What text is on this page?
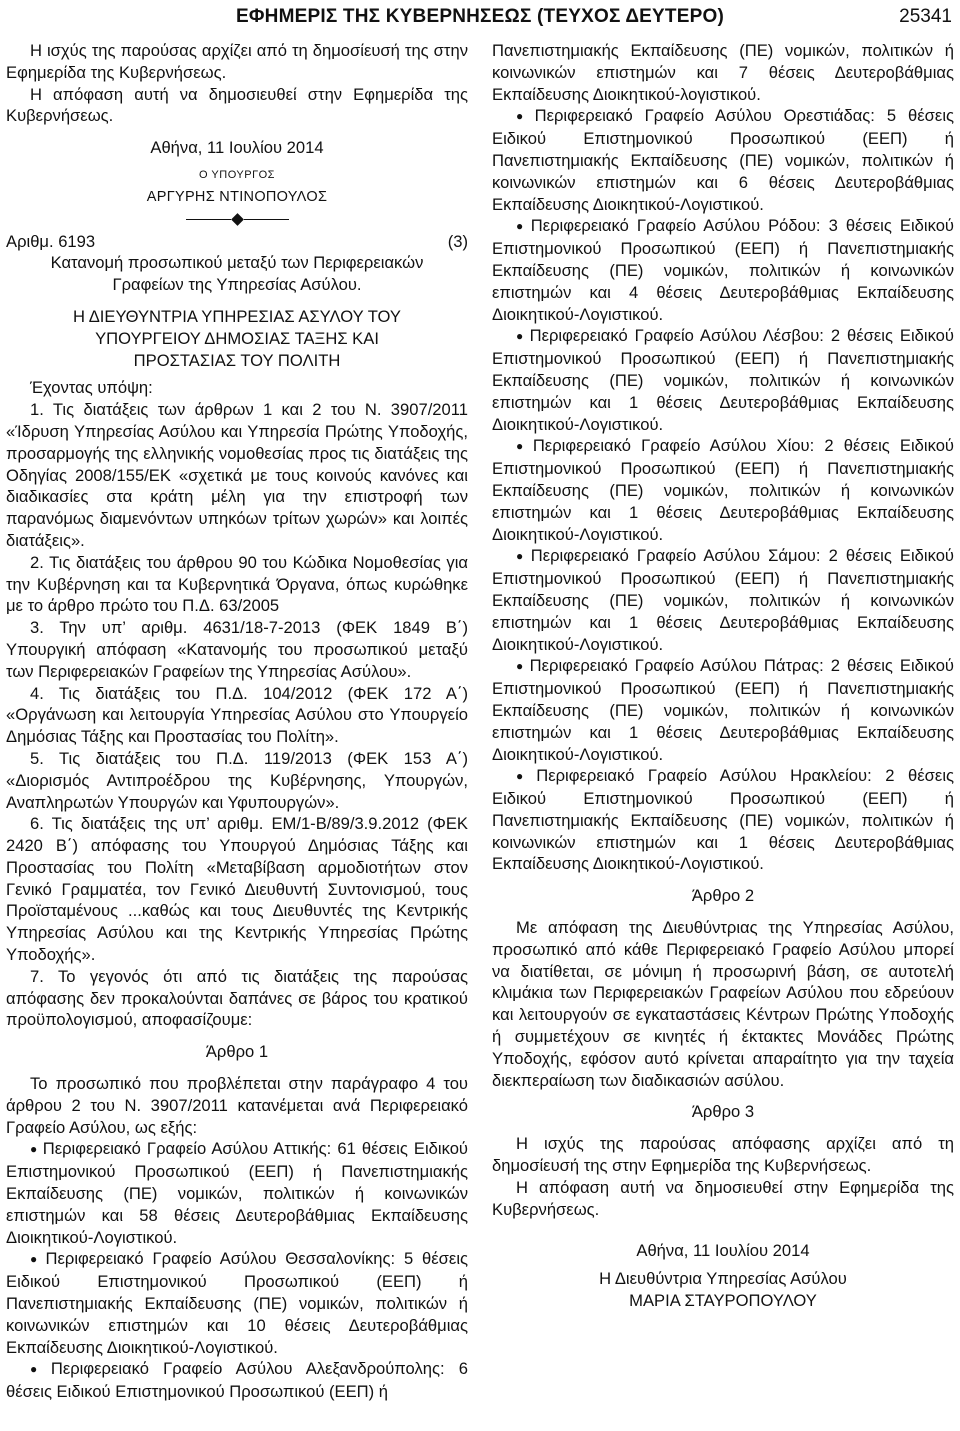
ΕΦΗΜΕΡΙΣ ΤΗΣ ΚΥΒΕΡΝΗΣΕΩΣ (ΤΕΥΧΟΣ ΔΕΥΤΕΡΟ)	25341

Η ισχύς της παρούσας αρχίζει από τη δημοσίευσή της στην Εφημερίδα της Κυβερνήσεως.

Η απόφαση αυτή να δημοσιευθεί στην Εφημερίδα της Κυβερνήσεως.

Αθήνα, 11 Ιουλίου 2014

Ο ΥΠΟΥΡΓΟΣ

ΑΡΓΥΡΗΣ ΝΤΙΝΟΠΟΥΛΟΣ

Αριθμ. 6193	(3)

Κατανομή προσωπικού μεταξύ των Περιφερειακών Γραφείων της Υπηρεσίας Ασύλου.

Η ΔΙΕΥΘΥΝΤΡΙΑ ΥΠΗΡΕΣΙΑΣ ΑΣΥΛΟΥ ΤΟΥ

ΥΠΟΥΡΓΕΙΟΥ ΔΗΜΟΣΙΑΣ ΤΑΞΗΣ ΚΑΙ

ΠΡΟΣΤΑΣΙΑΣ ΤΟΥ ΠΟΛΙΤΗ

Έχοντας υπόψη:

1. Τις διατάξεις των άρθρων 1 και 2 του Ν. 3907/2011 «Ίδρυση Υπηρεσίας Ασύλου και Υπηρεσία Πρώτης Υποδοχής, προσαρμογής της ελληνικής νομοθεσίας προς τις διατάξεις της Οδηγίας 2008/155/ΕΚ «σχετικά με τους κοινούς κανόνες και διαδικασίες στα κράτη μέλη για την επιστροφή των παρανόμως διαμενόντων υπηκόων τρίτων χωρών» και λοιπές διατάξεις».

2. Τις διατάξεις του άρθρου 90 του Κώδικα Νομοθεσίας για την Κυβέρνηση και τα Κυβερνητικά Όργανα, όπως κυρώθηκε με το άρθρο πρώτο του Π.Δ. 63/2005

3. Την υπ’ αριθμ. 4631/18-7-2013 (ΦΕΚ 1849 Β΄) Υπουργική απόφαση «Κατανομής του προσωπικού μεταξύ των Περιφερειακών Γραφείων της Υπηρεσίας Ασύλου».

4. Τις διατάξεις του Π.Δ. 104/2012 (ΦΕΚ 172 Α΄) «Οργάνωση και λειτουργία Υπηρεσίας Ασύλου στο Υπουργείο Δημόσιας Τάξης και Προστασίας του Πολίτη».

5. Τις διατάξεις του Π.Δ. 119/2013 (ΦΕΚ 153 Α΄) «Διορισμός Αντιπροέδρου της Κυβέρνησης, Υπουργών, Αναπληρωτών Υπουργών και Υφυπουργών».

6. Τις διατάξεις της υπ’ αριθμ. ΕΜ/1-Β/89/3.9.2012 (ΦΕΚ 2420 Β΄) απόφασης του Υπουργού Δημόσιας Τάξης και Προστασίας του Πολίτη «Μεταβίβαση αρμοδιοτήτων στον Γενικό Γραμματέα, τον Γενικό Διευθυντή Συντονισμού, τους Προϊσταμένους ...καθώς και τους Διευθυντές της Κεντρικής Υπηρεσίας Ασύλου και της Κεντρικής Υπηρεσίας Πρώτης Υποδοχής».

7. Το γεγονός ότι από τις διατάξεις της παρούσας απόφασης δεν προκαλούνται δαπάνες σε βάρος του κρατικού προϋπολογισμού, αποφασίζουμε:

Άρθρο 1

Το προσωπικό που προβλέπεται στην παράγραφο 4 του άρθρου 2 του Ν. 3907/2011 κατανέμεται ανά Περιφερειακό Γραφείο Ασύλου, ως εξής:

● Περιφερειακό Γραφείο Ασύλου Αττικής: 61 θέσεις Ειδικού Επιστημονικού Προσωπικού (ΕΕΠ) ή Πανεπιστημιακής Εκπαίδευσης (ΠΕ) νομικών, πολιτικών ή κοινωνικών επιστημών και 58 θέσεις Δευτεροβάθμιας Εκπαίδευσης Διοικητικού-Λογιστικού.

● Περιφερειακό Γραφείο Ασύλου Θεσσαλονίκης: 5 θέσεις Ειδικού Επιστημονικού Προσωπικού (ΕΕΠ) ή Πανεπιστημιακής Εκπαίδευσης (ΠΕ) νομικών, πολιτικών ή κοινωνικών επιστημών και 10 θέσεις Δευτεροβάθμιας Εκπαίδευσης Διοικητικού-Λογιστικού.

● Περιφερειακό Γραφείο Ασύλου Αλεξανδρούπολης: 6 θέσεις Ειδικού Επιστημονικού Προσωπικού (ΕΕΠ) ή

Πανεπιστημιακής Εκπαίδευσης (ΠΕ) νομικών, πολιτικών ή κοινωνικών επιστημών και 7 θέσεις Δευτεροβάθμιας Εκπαίδευσης Διοικητικού-λογιστικού.

● Περιφερειακό Γραφείο Ασύλου Ορεστιάδας: 5 θέσεις Ειδικού Επιστημονικού Προσωπικού (ΕΕΠ) ή Πανεπιστημιακής Εκπαίδευσης (ΠΕ) νομικών, πολιτικών ή κοινωνικών επιστημών και 6 θέσεις Δευτεροβάθμιας Εκπαίδευσης Διοικητικού-Λογιστικού.

● Περιφερειακό Γραφείο Ασύλου Ρόδου: 3 θέσεις Ειδικού Επιστημονικού Προσωπικού (ΕΕΠ) ή Πανεπιστημιακής Εκπαίδευσης (ΠΕ) νομικών, πολιτικών ή κοινωνικών επιστημών και 4 θέσεις Δευτεροβάθμιας Εκπαίδευσης Διοικητικού-Λογιστικού.

● Περιφερειακό Γραφείο Ασύλου Λέσβου: 2 θέσεις Ειδικού Επιστημονικού Προσωπικού (ΕΕΠ) ή Πανεπιστημιακής Εκπαίδευσης (ΠΕ) νομικών, πολιτικών ή κοινωνικών επιστημών και 1 θέσεις Δευτεροβάθμιας Εκπαίδευσης Διοικητικού-Λογιστικού.

● Περιφερειακό Γραφείο Ασύλου Χίου: 2 θέσεις Ειδικού Επιστημονικού Προσωπικού (ΕΕΠ) ή Πανεπιστημιακής Εκπαίδευσης (ΠΕ) νομικών, πολιτικών ή κοινωνικών επιστημών και 1 θέσεις Δευτεροβάθμιας Εκπαίδευσης Διοικητικού-Λογιστικού.

● Περιφερειακό Γραφείο Ασύλου Σάμου: 2 θέσεις Ειδικού Επιστημονικού Προσωπικού (ΕΕΠ) ή Πανεπιστημιακής Εκπαίδευσης (ΠΕ) νομικών, πολιτικών ή κοινωνικών επιστημών και 1 θέσεις Δευτεροβάθμιας Εκπαίδευσης Διοικητικού-Λογιστικού.

● Περιφερειακό Γραφείο Ασύλου Πάτρας: 2 θέσεις Ειδικού Επιστημονικού Προσωπικού (ΕΕΠ) ή Πανεπιστημιακής Εκπαίδευσης (ΠΕ) νομικών, πολιτικών ή κοινωνικών επιστημών και 1 θέσεις Δευτεροβάθμιας Εκπαίδευσης Διοικητικού-Λογιστικού.

● Περιφερειακό Γραφείο Ασύλου Ηρακλείου: 2 θέσεις Ειδικού Επιστημονικού Προσωπικού (ΕΕΠ) ή Πανεπιστημιακής Εκπαίδευσης (ΠΕ) νομικών, πολιτικών ή κοινωνικών επιστημών και 1 θέσεις Δευτεροβάθμιας Εκπαίδευσης Διοικητικού-Λογιστικού.

Άρθρο 2

Με απόφαση της Διευθύντριας της Υπηρεσίας Ασύλου, προσωπικό από κάθε Περιφερειακό Γραφείο Ασύλου μπορεί να διατίθεται, σε μόνιμη ή προσωρινή βάση, σε αυτοτελή κλιμάκια των Περιφερειακών Γραφείων Ασύλου που εδρεύουν και λειτουργούν σε εγκαταστάσεις Κέντρων Πρώτης Υποδοχής ή συμμετέχουν σε κινητές ή έκτακτες Μονάδες Πρώτης Υποδοχής, εφόσον αυτό κρίνεται απαραίτητο για την ταχεία διεκπεραίωση των διαδικασιών ασύλου.

Άρθρο 3

Η ισχύς της παρούσας απόφασης αρχίζει από τη δημοσίευσή της στην Εφημερίδα της Κυβερνήσεως.

Η απόφαση αυτή να δημοσιευθεί στην Εφημερίδα της Κυβερνήσεως.

Αθήνα, 11 Ιουλίου 2014

Η Διευθύντρια Υπηρεσίας Ασύλου

ΜΑΡΙΑ ΣΤΑΥΡΟΠΟΥΛΟΥ
